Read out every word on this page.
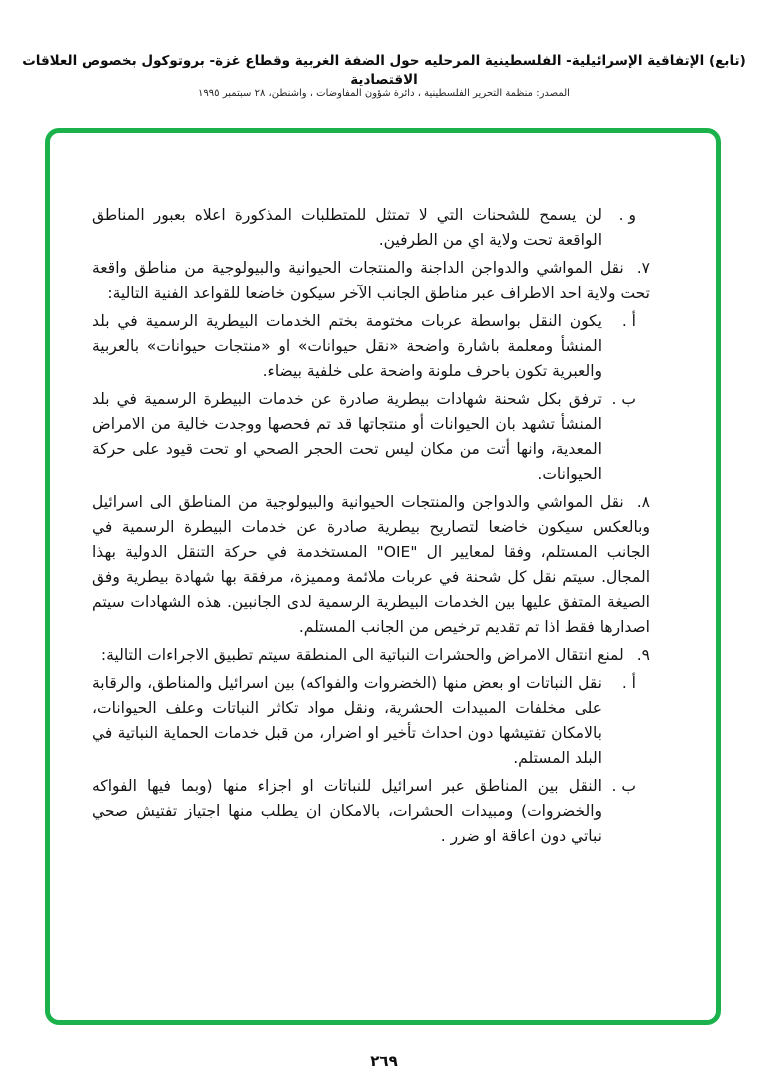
(تابع) الإتفاقية الإسرائيلية- الفلسطينية المرحليه حول الضفة الغربية وقطاع غزة- بروتوكول بخصوص العلاقات الاقتصادية
المصدر: منظمة التحرير الفلسطينية ، دائرة شؤون المفاوضات ، واشنطن، ٢٨ سبتمبر ١٩٩٥
و .
لن يسمح للشحنات التي لا تمتثل للمتطلبات المذكورة اعلاه بعبور المناطق الواقعة تحت ولاية اي من الطرفين.
٧.نقل المواشي والدواجن الداجنة والمنتجات الحيوانية والبيولوجية من مناطق واقعة تحت ولاية احد الاطراف عبر مناطق الجانب الآخر سيكون خاضعا للقواعد الفنية التالية:
أ .
يكون النقل بواسطة عربات مختومة بختم الخدمات البيطرية الرسمية في بلد المنشأ ومعلمة باشارة واضحة «نقل حيوانات» او «منتجات حيوانات» بالعربية والعبرية تكون باحرف ملونة واضحة على خلفية بيضاء.
ب .
ترفق بكل شحنة شهادات بيطرية صادرة عن خدمات البيطرة الرسمية في بلد المنشأ تشهد بان الحيوانات أو منتجاتها قد تم فحصها ووجدت خالية من الامراض المعدية، وانها أتت من مكان ليس تحت الحجر الصحي او تحت قيود على حركة الحيوانات.
٨.نقل المواشي والدواجن والمنتجات الحيوانية والبيولوجية من المناطق الى اسرائيل وبالعكس سيكون خاضعا لتصاريح بيطرية صادرة عن خدمات البيطرة الرسمية في الجانب المستلم، وفقا لمعايير ال "OIE" المستخدمة في حركة التنقل الدولية بهذا المجال. سيتم نقل كل شحنة في عربات ملائمة ومميزة، مرفقة بها شهادة بيطرية وفق الصيغة المتفق عليها بين الخدمات البيطرية الرسمية لدى الجانبين. هذه الشهادات سيتم اصدارها فقط اذا تم تقديم ترخيص من الجانب المستلم.
٩.لمنع انتقال الامراض والحشرات النباتية الى المنطقة سيتم تطبيق الاجراءات التالية:
أ .
نقل النباتات او بعض منها (الخضروات والفواكه) بين اسرائيل والمناطق، والرقابة على مخلفات المبيدات الحشرية، ونقل مواد تكاثر النباتات وعلف الحيوانات، بالامكان تفتيشها دون احداث تأخير او اضرار، من قبل خدمات الحماية النباتية في البلد المستلم.
ب .
النقل بين المناطق عبر اسرائيل للنباتات او اجزاء منها (وبما فيها الفواكه والخضروات) ومبيدات الحشرات، بالامكان ان يطلب منها اجتياز تفتيش صحي نباتي دون اعاقة او ضرر .
٢٦٩
